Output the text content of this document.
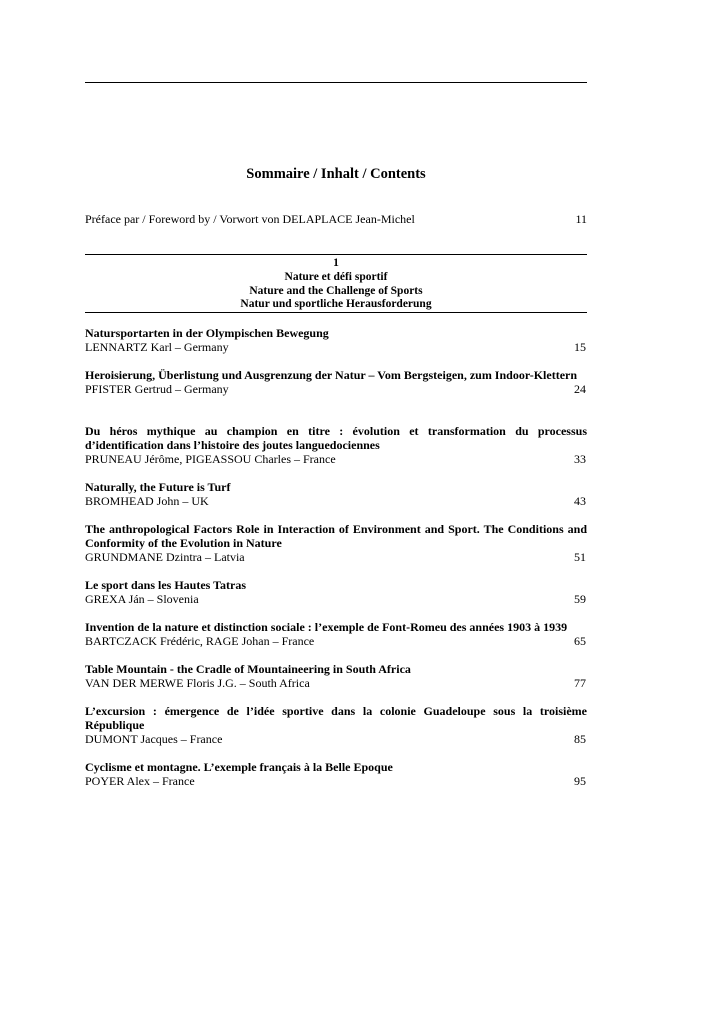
Sommaire / Inhalt / Contents
Préface par / Foreword by / Vorwort von DELAPLACE Jean-Michel	11
1
Nature et défi sportif
Nature and the Challenge of Sports
Natur und sportliche Herausforderung
Natursportarten in der Olympischen Bewegung
LENNARTZ Karl – Germany	15
Heroisierung, Überlistung und Ausgrenzung der Natur – Vom Bergsteigen, zum Indoor-Klettern
PFISTER Gertrud – Germany	24
Du héros mythique au champion en titre : évolution et transformation du processus d’identification dans l’histoire des joutes languedociennes
PRUNEAU Jérôme, PIGEASSOU Charles – France	33
Naturally, the Future is Turf
BROMHEAD John – UK	43
The anthropological Factors Role in Interaction of Environment and Sport. The Conditions and Conformity of the Evolution in Nature
GRUNDMANE Dzintra – Latvia	51
Le sport dans les Hautes Tatras
GREXA Ján – Slovenia	59
Invention de la nature et distinction sociale : l’exemple de Font-Romeu des années 1903 à 1939
BARTCZACK Frédéric, RAGE Johan – France	65
Table Mountain - the Cradle of Mountaineering in South Africa
VAN DER MERWE Floris J.G. – South Africa	77
L’excursion : émergence de l’idée sportive dans la colonie Guadeloupe sous la troisième République
DUMONT Jacques – France	85
Cyclisme et montagne. L’exemple français à la Belle Epoque
POYER Alex – France	95
